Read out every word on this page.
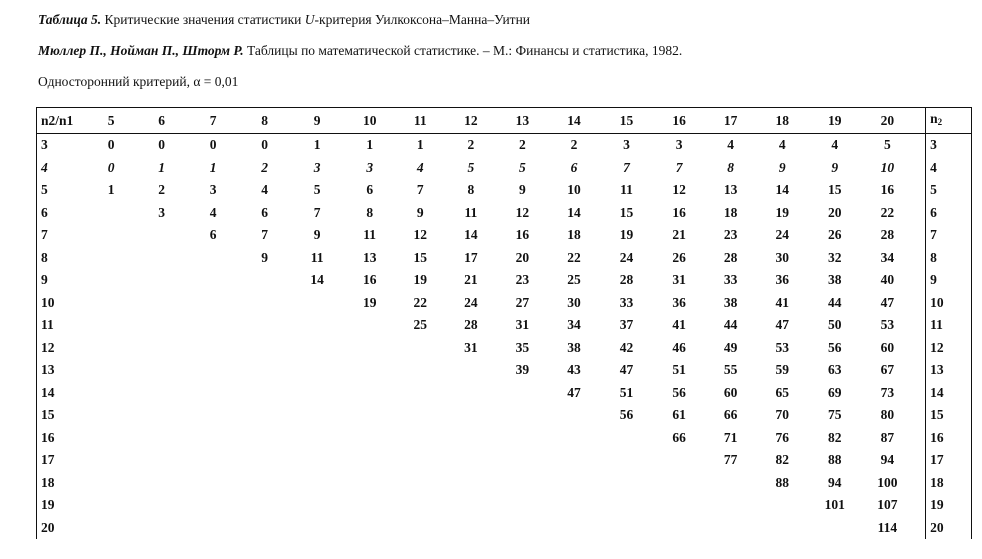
Таблица 5. Критические значения статистики U-критерия Уилкоксона–Манна–Уитни
Мюллер П., Нойман П., Шторм Р. Таблицы по математической статистике. – М.: Финансы и статистика, 1982.
Односторонний критерий, α = 0,01
n2/n1	5	6	7	8	9	10	11	12	13	14	15	16	17	18	19	20		$n_2$
3	0	0	0	0	1	1	1	2	2	2	3	3	4	4	4	5		3
4	0	1	1	2	3	3	4	5	5	6	7	7	8	9	9	10		4
5	1	2	3	4	5	6	7	8	9	10	11	12	13	14	15	16		5
6		3	4	6	7	8	9	11	12	14	15	16	18	19	20	22		6
7			6	7	9	11	12	14	16	18	19	21	23	24	26	28		7
8				9	11	13	15	17	20	22	24	26	28	30	32	34		8
9					14	16	19	21	23	25	28	31	33	36	38	40		9
10						19	22	24	27	30	33	36	38	41	44	47		10
11							25	28	31	34	37	41	44	47	50	53		11
12								31	35	38	42	46	49	53	56	60		12
13									39	43	47	51	55	59	63	67		13
14										47	51	56	60	65	69	73		14
15											56	61	66	70	75	80		15
16												66	71	76	82	87		16
17													77	82	88	94		17
18														88	94	100		18
19															101	107		19
20																114		20
